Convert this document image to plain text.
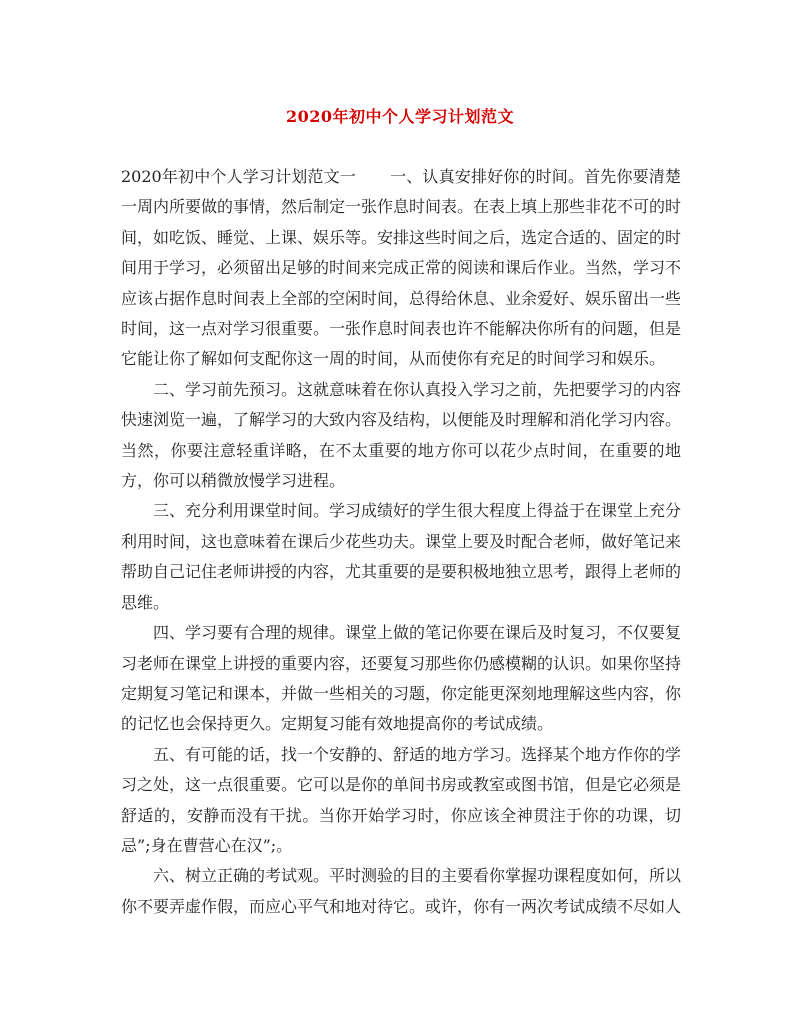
2020年初中个人学习计划范文

2020年初中个人学习计划范文一 一、认真安排好你的时间。首先你要清楚一周内所要做的事情，然后制定一张作息时间表。在表上填上那些非花不可的时间，如吃饭、睡觉、上课、娱乐等。安排这些时间之后，选定合适的、固定的时间用于学习，必须留出足够的时间来完成正常的阅读和课后作业。当然，学习不应该占据作息时间表上全部的空闲时间，总得给休息、业余爱好、娱乐留出一些时间，这一点对学习很重要。一张作息时间表也许不能解决你所有的问题，但是它能让你了解如何支配你这一周的时间，从而使你有充足的时间学习和娱乐。

二、学习前先预习。这就意味着在你认真投入学习之前，先把要学习的内容快速浏览一遍，了解学习的大致内容及结构，以便能及时理解和消化学习内容。当然，你要注意轻重详略，在不太重要的地方你可以花少点时间，在重要的地方，你可以稍微放慢学习进程。

三、充分利用课堂时间。学习成绩好的学生很大程度上得益于在课堂上充分利用时间，这也意味着在课后少花些功夫。课堂上要及时配合老师，做好笔记来帮助自己记住老师讲授的内容，尤其重要的是要积极地独立思考，跟得上老师的思维。

四、学习要有合理的规律。课堂上做的笔记你要在课后及时复习，不仅要复习老师在课堂上讲授的重要内容，还要复习那些你仍感模糊的认识。如果你坚持定期复习笔记和课本，并做一些相关的习题，你定能更深刻地理解这些内容，你的记忆也会保持更久。定期复习能有效地提高你的考试成绩。

五、有可能的话，找一个安静的、舒适的地方学习。选择某个地方作你的学习之处，这一点很重要。它可以是你的单间书房或教室或图书馆，但是它必须是舒适的，安静而没有干扰。当你开始学习时，你应该全神贯注于你的功课，切忌”;身在曹营心在汉”;。

六、树立正确的考试观。平时测验的目的主要看你掌握功课程度如何，所以你不要弄虚作假，而应心平气和地对待它。或许，你有一两次考试成绩不尽如人
